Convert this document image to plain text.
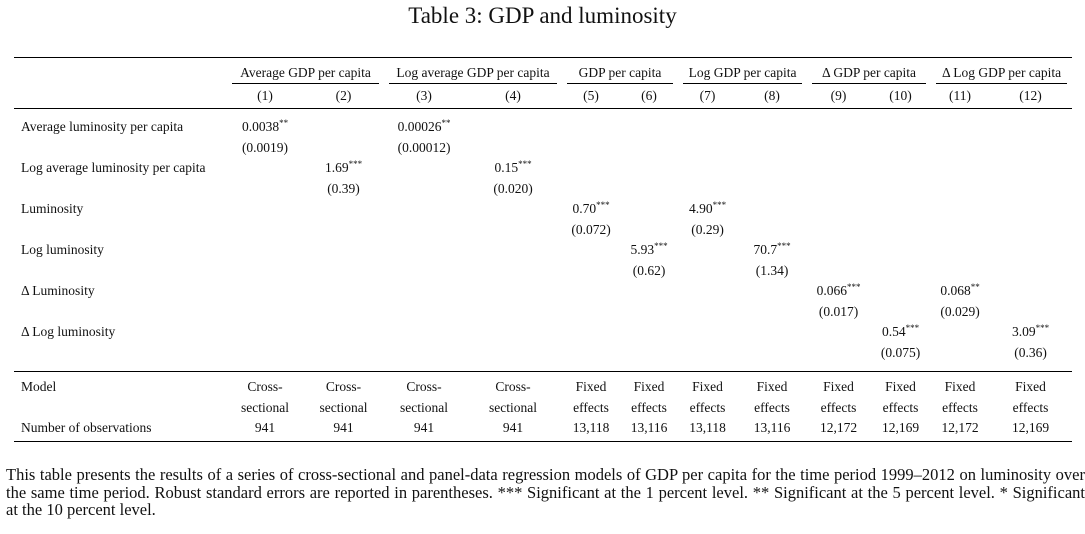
Table 3: GDP and luminosity
	Average GDP per capita		Log average GDP per capita		GDP per capita		Log GDP per capita		Δ GDP per capita		Δ Log GDP per capita	
	(1)	(2)	(3)	(4)	(5)	(6)	(7)	(8)	(9)	(10)	(11)	(12)

Average luminosity per capita	0.0038**		0.00026**									
	(0.0019)		(0.00012)									
Log average luminosity per capita		1.69***		0.15***								
		(0.39)		(0.020)								
Luminosity					0.70***		4.90***					
					(0.072)		(0.29)					
Log luminosity						5.93***		70.7***				
						(0.62)		(1.34)				
Δ Luminosity									0.066***		0.068**	
									(0.017)		(0.029)	
Δ Log luminosity										0.54***		3.09***
										(0.075)		(0.36)

Model	Cross-	Cross-	Cross-	Cross-	Fixed	Fixed	Fixed	Fixed	Fixed	Fixed	Fixed	Fixed
	sectional	sectional	sectional	sectional	effects	effects	effects	effects	effects	effects	effects	effects
Number of observations	941	941	941	941	13,118	13,116	13,118	13,116	12,172	12,169	12,172	12,169
This table presents the results of a series of cross-sectional and panel-data regression models of GDP per capita for the time period 1999–2012 on luminosity over the same time period. Robust standard errors are reported in parentheses. *** Significant at the 1 percent level. ** Significant at the 5 percent level. * Significant at the 10 percent level.
